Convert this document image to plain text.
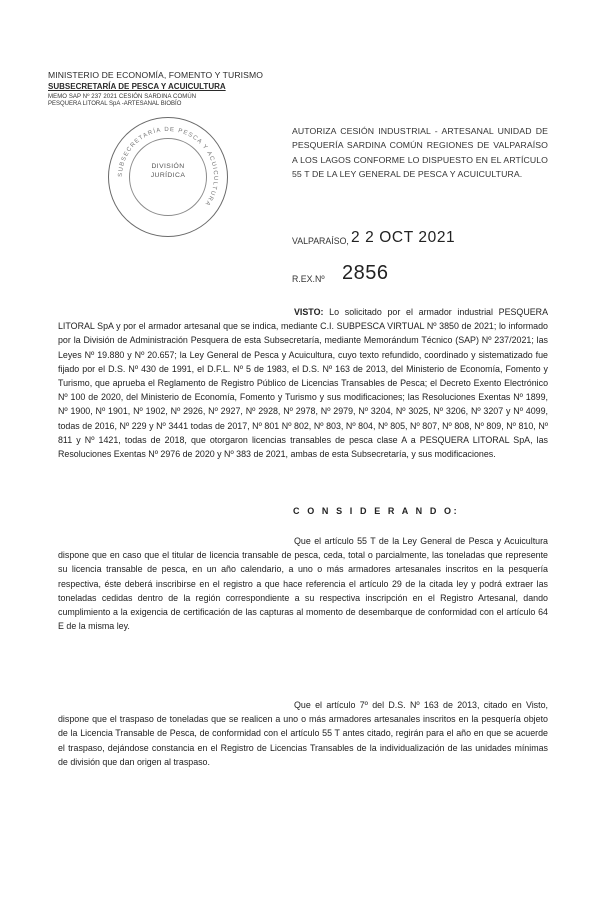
MINISTERIO DE ECONOMÍA, FOMENTO Y TURISMO
SUBSECRETARÍA DE PESCA Y ACUICULTURA
MEMO SAP Nº 237 2021 CESIÓN SARDINA COMÚN
PESQUERA LITORAL SpA -ARTESANAL BIOBÍO
SUBSECRETARÍA DE PESCA Y ACUICULTURA
DIVISIÓN
JURÍDICA
AUTORIZA CESIÓN INDUSTRIAL - ARTESANAL UNIDAD DE PESQUERÍA SARDINA COMÚN REGIONES DE VALPARAÍSO A LOS LAGOS CONFORME LO DISPUESTO EN EL ARTÍCULO 55 T DE LA LEY GENERAL DE PESCA Y ACUICULTURA.
VALPARAÍSO, 2 2 OCT 2021
R.EX.Nº 2856
VISTO: Lo solicitado por el armador industrial PESQUERA LITORAL SpA y por el armador artesanal que se indica, mediante C.I. SUBPESCA VIRTUAL Nº 3850 de 2021; lo informado por la División de Administración Pesquera de esta Subsecretaría, mediante Memorándum Técnico (SAP) Nº 237/2021; las Leyes Nº 19.880 y Nº 20.657; la Ley General de Pesca y Acuicultura, cuyo texto refundido, coordinado y sistematizado fue fijado por el D.S. Nº 430 de 1991, el D.F.L. Nº 5 de 1983, el D.S. Nº 163 de 2013, del Ministerio de Economía, Fomento y Turismo, que aprueba el Reglamento de Registro Público de Licencias Transables de Pesca; el Decreto Exento Electrónico Nº 100 de 2020, del Ministerio de Economía, Fomento y Turismo y sus modificaciones; las Resoluciones Exentas Nº 1899, Nº 1900, Nº 1901, Nº 1902, Nº 2926, Nº 2927, Nº 2928, Nº 2978, Nº 2979, Nº 3204, Nº 3025, Nº 3206, Nº 3207 y Nº 4099, todas de 2016, Nº 229 y Nº 3441 todas de 2017, Nº 801 Nº 802, Nº 803, Nº 804, Nº 805, Nº 807, Nº 808, Nº 809, Nº 810, Nº 811 y Nº 1421, todas de 2018, que otorgaron licencias transables de pesca clase A a PESQUERA LITORAL SpA, las Resoluciones Exentas Nº 2976 de 2020 y Nº 383 de 2021, ambas de esta Subsecretaría, y sus modificaciones.
C O N S I D E R A N D O:
Que el artículo 55 T de la Ley General de Pesca y Acuicultura dispone que en caso que el titular de licencia transable de pesca, ceda, total o parcialmente, las toneladas que represente su licencia transable de pesca, en un año calendario, a uno o más armadores artesanales inscritos en la pesquería respectiva, éste deberá inscribirse en el registro a que hace referencia el artículo 29 de la citada ley y podrá extraer las toneladas cedidas dentro de la región correspondiente a su respectiva inscripción en el Registro Artesanal, dando cumplimiento a la exigencia de certificación de las capturas al momento de desembarque de conformidad con el artículo 64 E de la misma ley.
Que el artículo 7º del D.S. Nº 163 de 2013, citado en Visto, dispone que el traspaso de toneladas que se realicen a uno o más armadores artesanales inscritos en la pesquería objeto de la Licencia Transable de Pesca, de conformidad con el artículo 55 T antes citado, regirán para el año en que se acuerde el traspaso, dejándose constancia en el Registro de Licencias Transables de la individualización de las unidades mínimas de división que dan origen al traspaso.
